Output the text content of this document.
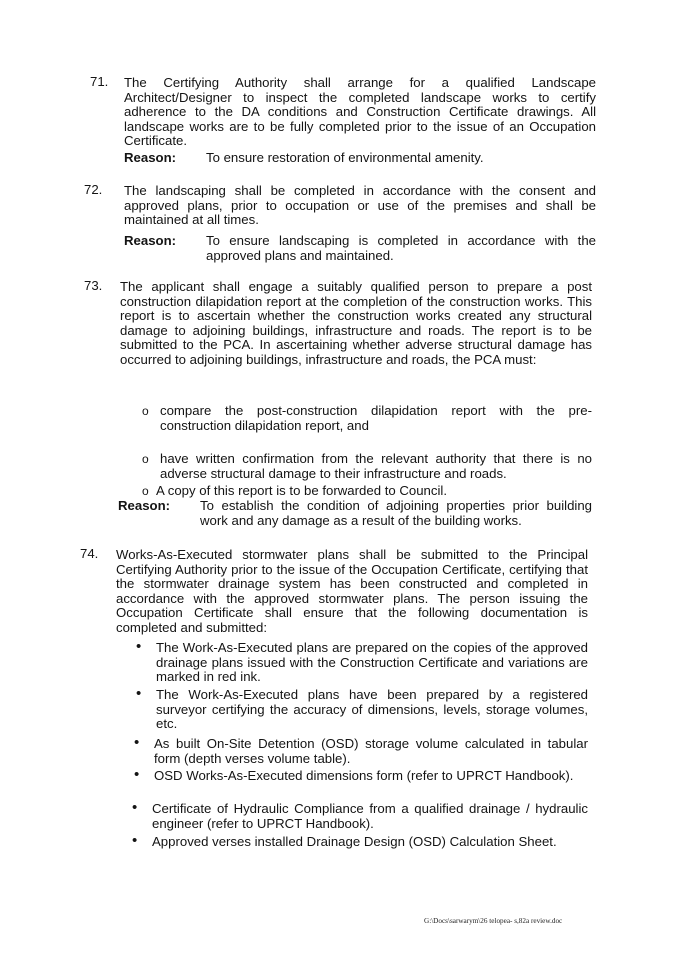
71. The Certifying Authority shall arrange for a qualified Landscape Architect/Designer to inspect the completed landscape works to certify adherence to the DA conditions and Construction Certificate drawings. All landscape works are to be fully completed prior to the issue of an Occupation Certificate.
Reason: To ensure restoration of environmental amenity.
72. The landscaping shall be completed in accordance with the consent and approved plans, prior to occupation or use of the premises and shall be maintained at all times.
Reason: To ensure landscaping is completed in accordance with the approved plans and maintained.
73. The applicant shall engage a suitably qualified person to prepare a post construction dilapidation report at the completion of the construction works. This report is to ascertain whether the construction works created any structural damage to adjoining buildings, infrastructure and roads. The report is to be submitted to the PCA. In ascertaining whether adverse structural damage has occurred to adjoining buildings, infrastructure and roads, the PCA must:
o compare the post-construction dilapidation report with the pre-construction dilapidation report, and
o have written confirmation from the relevant authority that there is no adverse structural damage to their infrastructure and roads.
o A copy of this report is to be forwarded to Council.
Reason: To establish the condition of adjoining properties prior building work and any damage as a result of the building works.
74. Works-As-Executed stormwater plans shall be submitted to the Principal Certifying Authority prior to the issue of the Occupation Certificate, certifying that the stormwater drainage system has been constructed and completed in accordance with the approved stormwater plans. The person issuing the Occupation Certificate shall ensure that the following documentation is completed and submitted:
• The Work-As-Executed plans are prepared on the copies of the approved drainage plans issued with the Construction Certificate and variations are marked in red ink.
• The Work-As-Executed plans have been prepared by a registered surveyor certifying the accuracy of dimensions, levels, storage volumes, etc.
• As built On-Site Detention (OSD) storage volume calculated in tabular form (depth verses volume table).
• OSD Works-As-Executed dimensions form (refer to UPRCT Handbook).
• Certificate of Hydraulic Compliance from a qualified drainage / hydraulic engineer (refer to UPRCT Handbook).
• Approved verses installed Drainage Design (OSD) Calculation Sheet.
G:\Docs\sarwarym\26 telopea- s,82a review.doc
